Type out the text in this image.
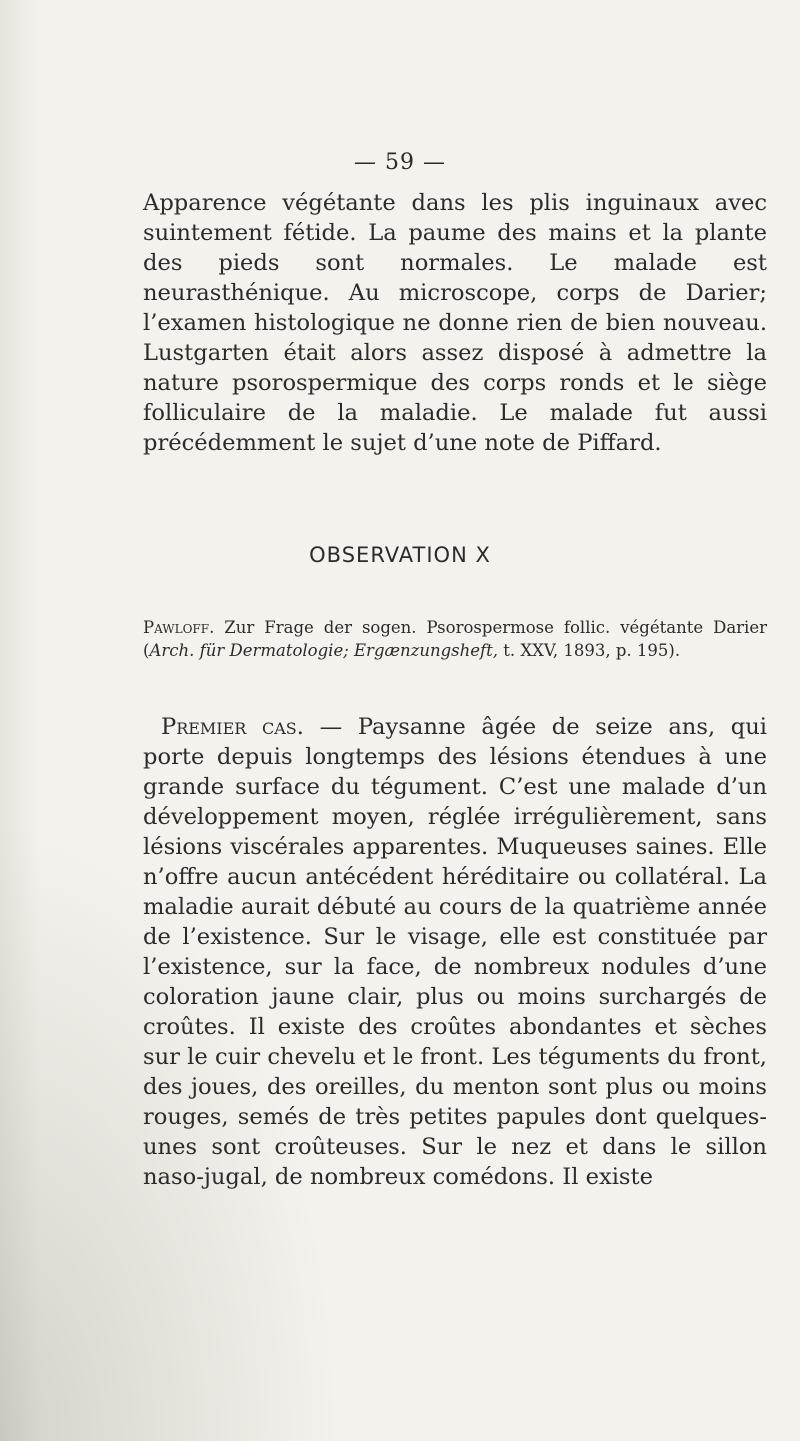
— 59 —

Apparence végétante dans les plis inguinaux avec suintement fétide. La paume des mains et la plante des pieds sont normales. Le malade est neurasthénique. Au microscope, corps de Darier; l’examen histologique ne donne rien de bien nouveau. Lustgarten était alors assez disposé à admettre la nature psorospermique des corps ronds et le siège folliculaire de la maladie. Le malade fut aussi précédemment le sujet d’une note de Piffard.

OBSERVATION X
Pawloff. Zur Frage der sogen. Psorospermose follic. végétante Darier (Arch. für Dermatologie; Ergænzungsheft, t. XXV, 1893, p. 195).

Premier cas. — Paysanne âgée de seize ans, qui porte depuis longtemps des lésions étendues à une grande surface du tégument. C’est une malade d’un développement moyen, réglée irrégulièrement, sans lésions viscérales apparentes. Muqueuses saines. Elle n’offre aucun antécédent héréditaire ou collatéral. La maladie aurait débuté au cours de la quatrième année de l’existence. Sur le visage, elle est constituée par l’existence, sur la face, de nombreux nodules d’une coloration jaune clair, plus ou moins surchargés de croûtes. Il existe des croûtes abondantes et sèches sur le cuir chevelu et le front. Les téguments du front, des joues, des oreilles, du menton sont plus ou moins rouges, semés de très petites papules dont quelques-unes sont croûteuses. Sur le nez et dans le sillon naso-jugal, de nombreux comédons. Il existe
